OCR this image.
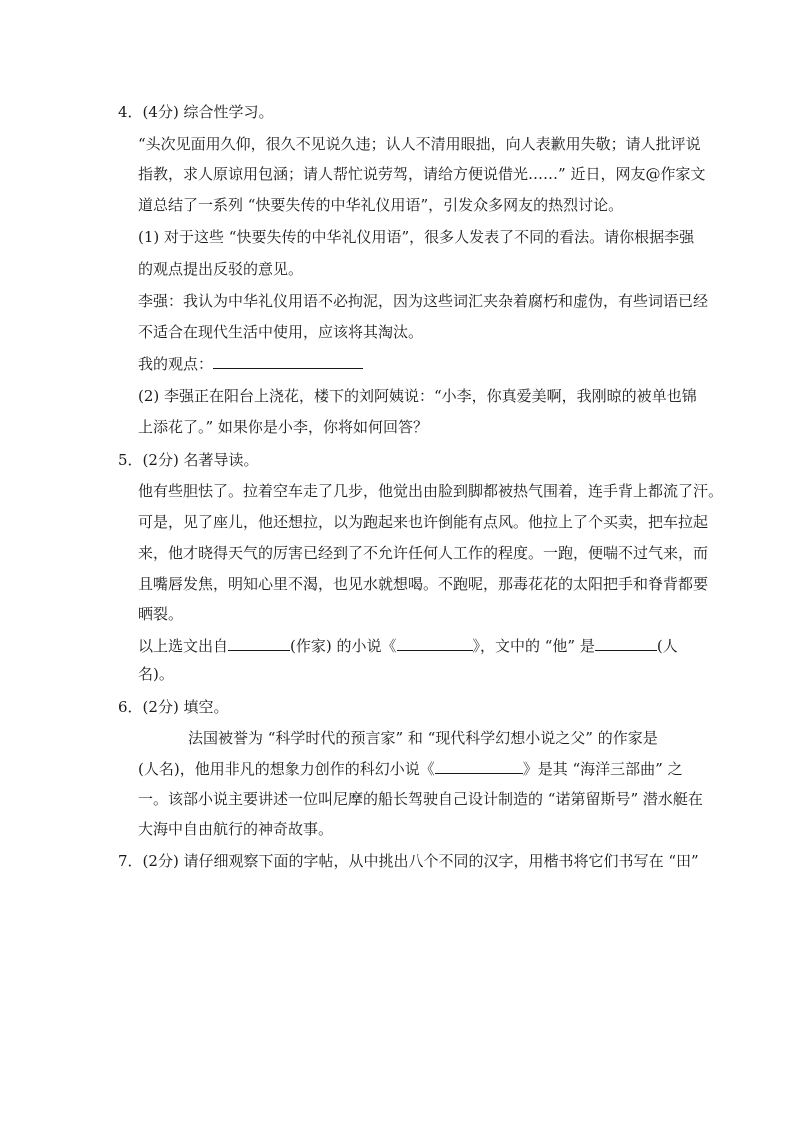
4．(4分) 综合性学习。
“头次见面用久仰，很久不见说久违；认人不清用眼拙，向人表歉用失敬；请人批评说
指教，求人原谅用包涵；请人帮忙说劳驾，请给方便说借光……” 近日，网友@作家文
道总结了一系列 “快要失传的中华礼仪用语”，引发众多网友的热烈讨论。
(1) 对于这些 “快要失传的中华礼仪用语”，很多人发表了不同的看法。请你根据李强
的观点提出反驳的意见。
李强：我认为中华礼仪用语不必拘泥，因为这些词汇夹杂着腐朽和虚伪，有些词语已经
不适合在现代生活中使用，应该将其淘汰。
我的观点：
(2) 李强正在阳台上浇花，楼下的刘阿姨说：“小李，你真爱美啊，我刚晾的被单也锦
上添花了。” 如果你是小李，你将如何回答？
5．(2分) 名著导读。
他有些胆怯了。拉着空车走了几步，他觉出由脸到脚都被热气围着，连手背上都流了汗。
可是，见了座儿，他还想拉，以为跑起来也许倒能有点风。他拉上了个买卖，把车拉起
来，他才晓得天气的厉害已经到了不允许任何人工作的程度。一跑，便喘不过气来，而
且嘴唇发焦，明知心里不渴，也见水就想喝。不跑呢，那毒花花的太阳把手和脊背都要
晒裂。
以上选文出自	(作家) 的小说《	》，文中的 “他” 是	(人
名)。
6．(2分) 填空。
法国被誉为 “科学时代的预言家” 和 “现代科学幻想小说之父” 的作家是
(人名)，他用非凡的想象力创作的科幻小说《	》是其 “海洋三部曲” 之
一。该部小说主要讲述一位叫尼摩的船长驾驶自己设计制造的 “诺第留斯号” 潜水艇在
大海中自由航行的神奇故事。
7．(2分) 请仔细观察下面的字帖，从中挑出八个不同的汉字，用楷书将它们书写在 “田”
